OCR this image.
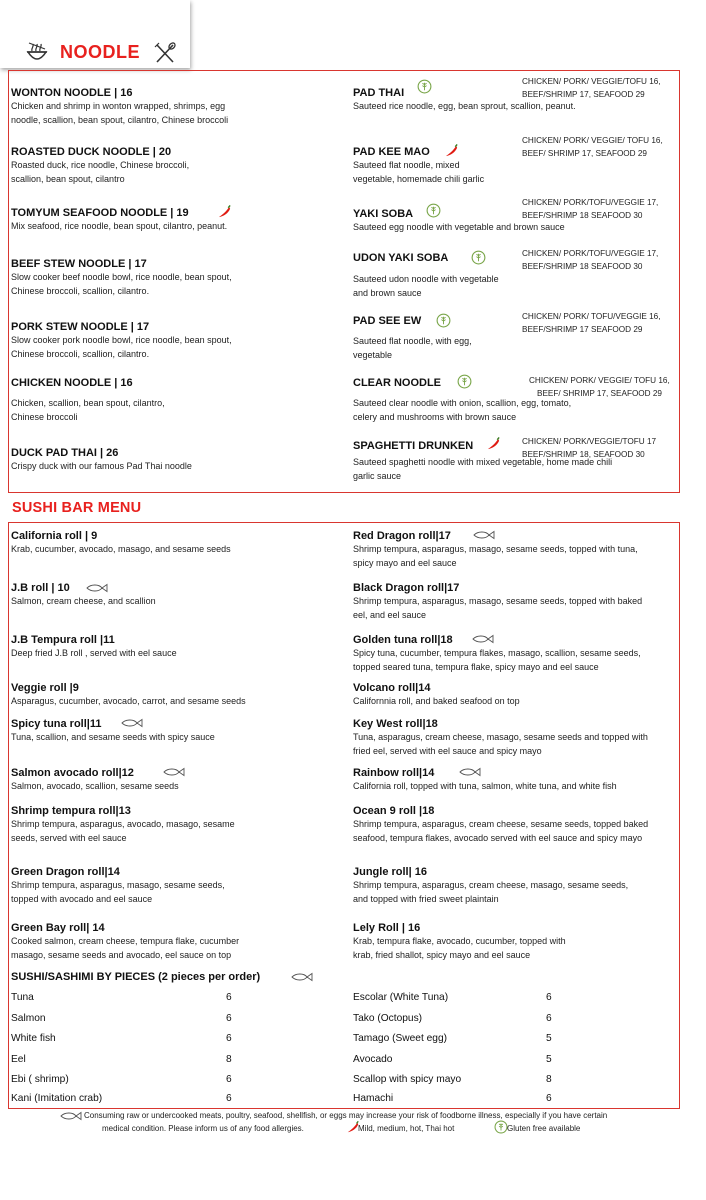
NOODLE
WONTON NOODLE | 16
Chicken and shrimp in wonton wrapped, shrimps, egg
noodle, scallion, bean spout, cilantro, Chinese broccoli
ROASTED DUCK NOODLE | 20
Roasted duck, rice noodle, Chinese broccoli,
scallion, bean spout, cilantro
TOMYUM SEAFOOD NOODLE | 19
Mix seafood, rice noodle, bean spout, cilantro, peanut.
BEEF STEW NOODLE | 17
Slow cooker beef noodle bowl, rice noodle, bean spout,
Chinese broccoli, scallion, cilantro.
PORK STEW NOODLE | 17
Slow cooker pork noodle bowl, rice noodle, bean spout,
Chinese broccoli, scallion, cilantro.
CHICKEN NOODLE | 16
Chicken, scallion, bean spout, cilantro,
Chinese broccoli
DUCK PAD THAI | 26
Crispy duck with our famous Pad Thai noodle
PAD THAI
Sauteed rice noodle, egg, bean sprout, scallion, peanut.
CHICKEN/ PORK/ VEGGIE/TOFU 16,
BEEF/SHRIMP 17, SEAFOOD 29
PAD KEE MAO
Sauteed flat noodle, mixed
vegetable, homemade chili garlic
CHICKEN/ PORK/ VEGGIE/ TOFU 16,
BEEF/ SHRIMP 17, SEAFOOD 29
YAKI SOBA
Sauteed egg noodle with vegetable and brown sauce
CHICKEN/ PORK/TOFU/VEGGIE 17,
BEEF/SHRIMP 18 SEAFOOD 30
UDON YAKI SOBA
Sauteed udon noodle with vegetable
and brown sauce
CHICKEN/ PORK/TOFU/VEGGIE 17,
BEEF/SHRIMP 18 SEAFOOD 30
PAD SEE EW
Sauteed flat noodle, with egg,
vegetable
CHICKEN/ PORK/ TOFU/VEGGIE 16,
BEEF/SHRIMP 17 SEAFOOD 29
CLEAR NOODLE
Sauteed clear noodle with onion, scallion, egg, tomato,
celery and mushrooms with brown sauce
CHICKEN/ PORK/ VEGGIE/ TOFU 16,
BEEF/ SHRIMP 17, SEAFOOD 29
SPAGHETTI DRUNKEN
Sauteed spaghetti noodle with mixed vegetable, home made chili
garlic sauce
CHICKEN/ PORK/VEGGIE/TOFU 17
BEEF/SHRIMP 18, SEAFOOD 30
SUSHI BAR MENU
California roll | 9
Krab, cucumber, avocado, masago, and sesame seeds
J.B roll | 10
Salmon, cream cheese, and scallion
J.B Tempura roll |11
Deep fried J.B roll , served with eel sauce
Veggie roll |9
Asparagus, cucumber, avocado, carrot, and sesame seeds
Spicy tuna roll|11
Tuna, scallion, and sesame seeds with spicy sauce
Salmon avocado roll|12
Salmon, avocado, scallion, sesame seeds
Shrimp tempura roll|13
Shrimp tempura, asparagus, avocado, masago, sesame
seeds, served with eel sauce
Green Dragon roll|14
Shrimp tempura, asparagus, masago, sesame seeds,
topped with avocado and eel sauce
Green Bay roll| 14
Cooked salmon, cream cheese, tempura flake, cucumber
masago, sesame seeds and avocado, eel sauce on top
Red Dragon roll|17
Shrimp tempura, asparagus, masago, sesame seeds, topped with tuna,
spicy mayo and eel sauce
Black Dragon roll|17
Shrimp tempura, asparagus, masago, sesame seeds, topped with baked
eel, and eel sauce
Golden tuna roll|18
Spicy tuna, cucumber, tempura flakes, masago, scallion, sesame seeds,
topped seared tuna, tempura flake, spicy mayo and eel sauce
Volcano roll|14
Californnia roll, and baked seafood on top
Key West roll|18
Tuna, asparagus, cream cheese, masago, sesame seeds and topped with
fried eel, served with eel sauce and spicy mayo
Rainbow roll|14
California roll, topped with tuna, salmon, white tuna, and white fish
Ocean 9 roll |18
Shrimp tempura, asparagus, cream cheese, sesame seeds, topped baked
seafood, tempura flakes, avocado served with eel sauce and spicy mayo
Jungle roll| 16
Shrimp tempura, asparagus, cream cheese, masago, sesame seeds,
and topped with fried sweet plaintain
Lely Roll | 16
Krab, tempura flake, avocado, cucumber, topped with
krab, fried shallot, spicy mayo and eel sauce
SUSHI/SASHIMI BY PIECES (2 pieces per order)
Tuna	6
Salmon	6
White fish	6
Eel	8
Ebi ( shrimp)	6
Kani (Imitation crab)	6
Escolar (White Tuna)	6
Tako (Octopus)	6
Tamago (Sweet egg)	5
Avocado	5
Scallop with spicy mayo	8
Hamachi	6
Consuming raw or undercooked meats, poultry, seafood, shellfish, or eggs may increase your risk of foodborne illness, especially if you have certain
medical condition. Please inform us of any food allergies.	Mild, medium, hot, Thai hot	Gluten free available
